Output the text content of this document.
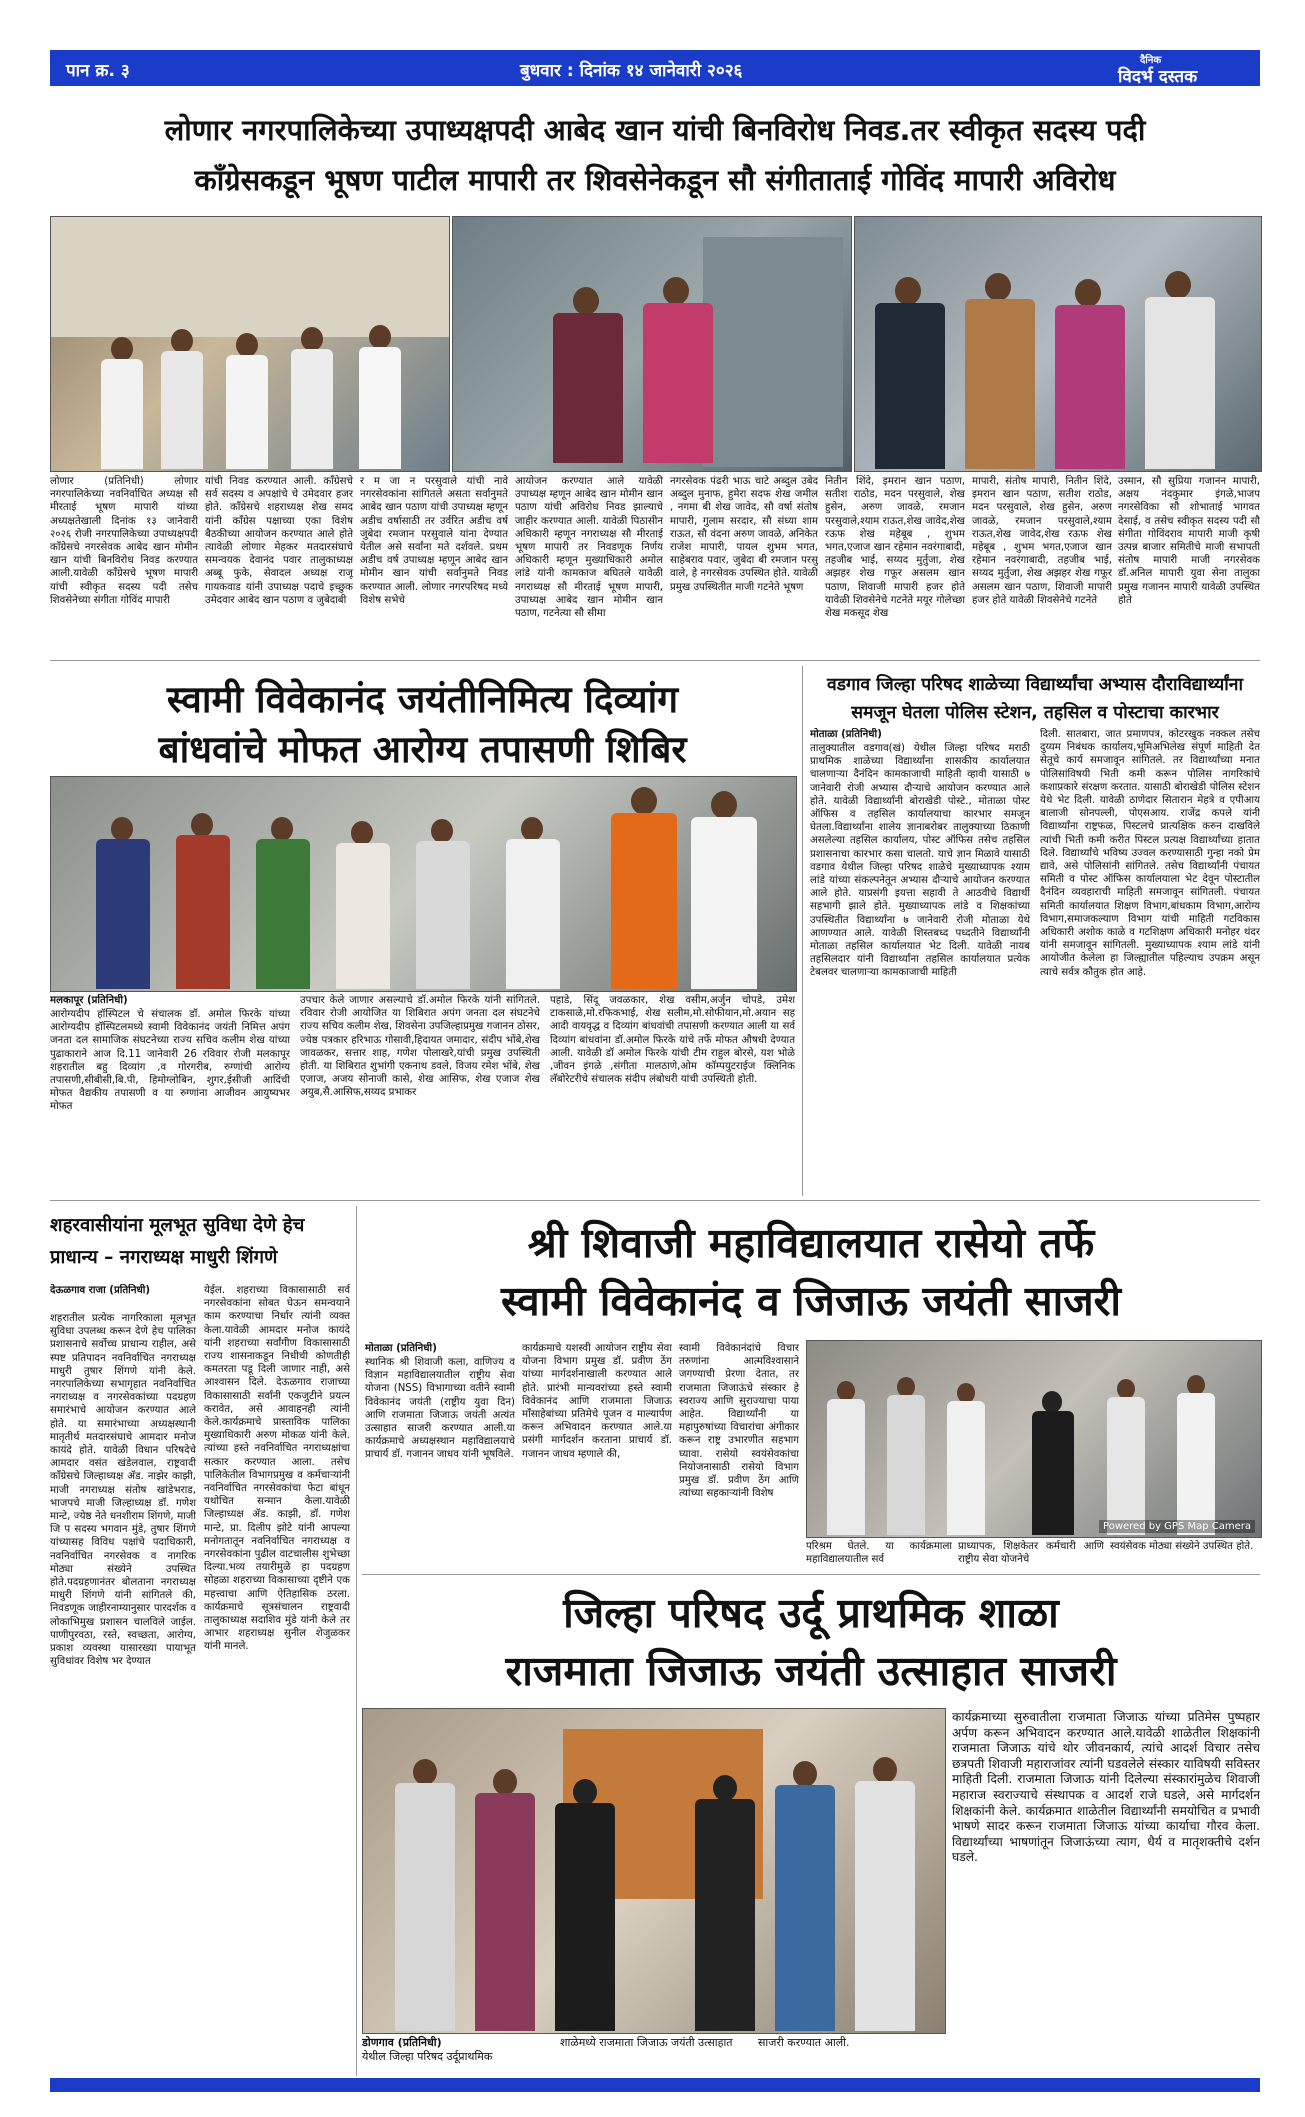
पान क्र. ३	बुधवार : दिनांक १४ जानेवारी २०२६
दैनिक
विदर्भ दस्तक
लोणार नगरपालिकेच्या उपाध्यक्षपदी आबेद खान यांची बिनविरोध निवड.तर स्वीकृत सदस्य पदी
काँग्रेसकडून भूषण पाटील मापारी तर शिवसेनेकडून सौ संगीताताई गोविंद मापारी अविरोध
लोणार (प्रतिनिधी) लोणार नगरपालिकेच्या नवनिर्वाचित अध्यक्ष सौ मीरताई भूषण मापारी यांच्या अध्यक्षतेखाली दिनांक १३ जानेवारी २०२६ रोजी नगरपालिकेच्या उपाध्यक्षपदी काँग्रेसचे नगरसेवक आबेद खान मोमीन खान यांची बिनविरोध निवड करण्यात आली.यावेळी काँग्रेसचे भूषण मापारी यांची स्वीकृत सदस्य पदी तसेच शिवसेनेच्या संगीता गोविंद मापारी
यांची निवड करण्यात आली. काँग्रेसचे सर्व सदस्य व अपक्षांचे चे उमेदवार हजर होते. काँग्रेसचे शहराध्यक्ष शेख समद यांनी काँग्रेस पक्षाच्या एका विशेष बैठकीच्या आयोजन करण्यात आले होते त्यावेळी लोणार मेहकर मतदारसंघाचे समन्वयक देवानंद पवार तालुकाध्यक्ष अब्बू फुके, सेवादल अध्यक्ष राजू गायकवाड यांनी उपाध्यक्ष पदाचे इच्छुक उमेदवार आबेद खान पठाण व जुबेदाबी
र म जा न परसुवाले यांची नावे नगरसेवकांना सांगितले असता सर्वानुमते आबेद खान पठाण यांची उपाध्यक्ष म्हणून अडीच वर्षासाठी तर उर्वरित अडीच वर्ष जुबेदा रमजान परसुवाले यांना देण्यात येतील असे सर्वांना मते दर्शवले. प्रथम अडीच वर्ष उपाध्यक्ष म्हणून आबेद खान मोमीन खान यांची सर्वानुमते निवड करण्यात आली. लोणार नगरपरिषद मध्ये विशेष सभेचे
आयोजन करण्यात आले यावेळी उपाध्यक्ष म्हणून आबेद खान मोमीन खान पठाण यांची अविरोध निवड झाल्याचे जाहीर करण्यात आली. यावेळी पिठासीन अधिकारी म्हणून नगराध्यक्ष सौ मीरताई भूषण मापारी तर निवडणूक निर्णय अधिकारी म्हणून मुख्याधिकारी अमोल लांडे यांनी कामकाज बघितले यावेळी नगराध्यक्ष सौ मीरताई भूषण मापारी, उपाध्यक्ष आबेद खान मोमीन खान पठाण, गटनेत्या सौ सीमा
नगरसेवक पंढरी भाऊ चाटे अब्दुल उबेद अब्दुल मुनाफ, हुमेरा सदफ शेख जमील , नगमा बी शेख जावेद, सौ वर्षा संतोष मापारी, गुलाम सरदार, सौ संध्या शाम राऊत, सौ वंदना अरुण जावळे, अनिकेत राजेश मापारी, पायल शुभम भगत, साहेबराव पवार, जुबेदा बी रमजान परसु वाले, हे नगरसेवक उपस्थित होते. यावेळी प्रमुख उपस्थितीत माजी गटनेते भूषण
नितीन शिंदे, इमरान खान पठाण, सतीश राठोड, मदन परसुवाले, शेख हुसेन, अरुण जावळे, रमजान परसुवाले,श्याम राऊत,शेख जावेद,शेख रऊफ शेख महेबूब , शुभम भगत,एजाज खान रहेमान नवरंगाबादी, तहजीब भाई, सय्यद मुर्तुजा, शेख अझहर शेख गफूर असलम खान पठाण, शिवाजी मापारी हजर होते यावेळी शिवसेनेचे गटनेते मयूर गोलेच्छा शेख मकसूद शेख
मापारी, संतोष मापारी, नितीन शिंदे, इमरान खान पठाण, सतीश राठोड, मदन परसुवाले, शेख हुसेन, अरुण जावळे, रमजान परसुवाले,श्याम राऊत,शेख जावेद,शेख रऊफ शेख महेबूब , शुभम भगत,एजाज खान रहेमान नवरंगाबादी, तहजीब भाई, सय्यद मुर्तुजा, शेख अझहर शेख गफूर असलम खान पठाण, शिवाजी मापारी हजर होते यावेळी शिवसेनेचे गटनेते
उस्मान, सौ सुप्रिया गजानन मापारी, अक्षय नंदकुमार इंगळे,भाजप नगरसेविका सौ शोभाताई भागवत देसाई, व तसेच स्वीकृत सदस्य पदी सौ संगीता गोविंदराव मापारी माजी कृषी उत्पन्न बाजार समितीचे माजी सभापती संतोष मापारी माजी नगरसेवक डॉ.अनिल मापारी युवा सेना तालुका प्रमुख गजानन मापारी यावेळी उपस्थित होते
स्वामी विवेकानंद जयंतीनिमित्य दिव्यांग
बांधवांचे मोफत आरोग्य तपासणी शिबिर
मलकापूर (प्रतिनिधी)
आरोग्यदीप हॉस्पिटल चे संचालक डॉ. अमोल फिरके यांच्या आरोग्यदीप हॉस्पिटलमध्ये स्वामी विवेकानंद जयंती निमित्त अपंग जनता दल सामाजिक संघटनेच्या राज्य सचिव कलीम शेख यांच्या पुढाकाराने आज दि.11 जानेवारी 26 रविवार रोजी मलकापूर शहरातील बहु दिव्यांग ,व गोरगरीब, रुग्णांची आरोग्य तपासणी,सीबीसी,बि.पी, हिमोग्लोबिन, शुगर,ईसीजी आदिंची मोफत वैद्यकीय तपासणी व या रुग्णांना आजीवन आयुष्यभर मोफत
उपचार केले जाणार असल्याचे डॉ.अमोल फिरके यांनी सांगितले. रविवार रोजी आयोजित या शिबिरात अपंग जनता दल संघटनेचे राज्य सचिव कलीम शेख, शिवसेना उपजिल्हाप्रमुख गजानन ठोसर, ज्येष्ठ पत्रकार हरिभाऊ गोसावी,हिदायत जमादार, संदीप भोंबे,शेख जावळकर, सत्तार शाह, गणेश पोलाखरे,यांची प्रमुख उपस्थिती होती. या शिबिरात शुभांगी एकनाथ डवले, विजय रमेश भोंबे, शेख एजाज, अजय सोनाजी कासे, शेख आसिफ, शेख एजाज शेख अयुब,सै.आसिफ,सय्यद प्रभाकर
पहाडे, सिंदू जवळकार, शेख वसीम,अर्जुन चोपडे, उमेश टाकसाळे,मो.रफिकभाई, शेख सलीम,मो.सोफीयान,मो.अयान सह आदी वायवृद्ध व दिव्यांग बांधवांची तपासणी करण्यात आली या सर्व दिव्यांग बांधवांना डॉ.अमोल फिरके यांचे तर्फे मोफत औषधी देण्यात आली. यावेळी डॉ अमोल फिरके यांची टीम राहुल बोरसे, यश भोळे ,जीवन इंगळे ,संगीता मालठाणे,ओम कॉम्पयुटराईज क्लिनिक लॅबोरेटरीचे संचालक संदीप लंबोधरी यांची उपस्थिती होती.
वडगाव जिल्हा परिषद शाळेच्या विद्यार्थ्यांचा अभ्यास दौराविद्यार्थ्यांना
समजून घेतला पोलिस स्टेशन, तहसिल व पोस्टाचा कारभार
मोताळा (प्रतिनिधी)
तालुक्यातील वडगाव(खं) येथील जिल्हा परिषद मराठी प्राथमिक शाळेच्या विद्यार्थ्यांना शासकीय कार्यालयात चालणाऱ्या दैनंदिन कामकाजाची माहिती व्हावी यासाठी ७ जानेवारी रोजी अभ्यास दौऱ्याचे आयोजन करण्यात आले होते. यावेळी विद्यार्थ्यांनी बोराखेडी पोस्टे., मोताळा पोस्ट ऑफिस व तहसिल कार्यालयाचा कारभार समजून घेतला.विद्यार्थ्यांना शालेय ज्ञानाबरोबर तालुक्याच्या ठिकाणी असलेल्या तहसिल कार्यालय, पोस्ट ऑफिस तसेच तहसिल प्रशासनाचा कारभार कसा चालतो. याचे ज्ञान मिळावे यासाठी वडगाव येथील जिल्हा परिषद शाळेचे मुख्याध्यापक श्याम लांडे यांच्या संकल्पनेतून अभ्यास दौऱ्याचे आयोजन करण्यात आले होते. याप्रसंगी इयत्ता सहावी ते आठवीचे विद्यार्थी सहभागी झाले होते. मुख्याध्यापक लांडे व शिक्षकांच्या उपस्थितीत विद्यार्थ्यांना ७ जानेवारी रोजी मोताळा येथे आणण्यात आले. यावेळी शिस्तबध्द पध्दतीने विद्यार्थ्यांनी मोताळा तहसिल कार्यालयात भेट दिली. यावेळी नायब तहसिलदार यांनी विद्यार्थ्यांना तहसिल कार्यालयात प्रत्येक टेबलवर चालणाऱ्या कामकाजाची माहिती
दिली. सातबारा, जात प्रमाणपत्र, कोटरखुक नक्कल तसेच दुय्यम निबंधक कार्यालय,भूमिअभिलेख संपूर्ण माहिती देत सेतूचे कार्य समजावून सांगितले. तर विद्यार्थ्यांच्या मनात पोलिसांविषयी भिती कमी करून पोलिस नागरिकांचे कशाप्रकारे संरक्षण करतात. यासाठी बोराखेडी पोलिस स्टेशन येथे भेट दिली. यावेळी ठाणेदार सितारान मेहत्रे व एपीआय बालाजी सोनपल्ली, पोएसआय. राजेंद्र कपले यांनी विद्यार्थ्यांना राष्ट्रफळ, पिस्टलचे प्रात्यक्षिक करुन दाखविले त्यांची भिती कमी करीत पिस्टल प्रत्यक्ष विद्यार्थ्यांच्या हातात दिले. विद्यार्थ्यांचे भविष्य उज्वल करण्यासाठी गुन्हा नको प्रेम द्यावे, असे पोलिसांनी सांगितले. तसेच विद्यार्थ्यांनी पंचायत समिती व पोस्ट ऑफिस कार्यालयाला भेट देवून पोस्टातील दैनंदिन व्यवहाराची माहिती समजावून सांगितली. पंचायत समिती कार्यालयात शिक्षण विभाग,बांधकाम विभाग,आरोग्य विभाग,समाजकल्याण विभाग यांची माहिती गटविकास अधिकारी अशोक काळे व गटशिक्षण अधिकारी मनोहर थंदर यांनी समजावून सांगितली. मुख्याध्यापक श्याम लांडे यांनी आयोजीत केलेला हा जिल्ह्यातील पहिल्याच उपक्रम असून त्याचे सर्वत्र कौतुक होत आहे.
शहरवासीयांना मूलभूत सुविधा देणे हेच
प्राधान्य – नगराध्यक्ष माधुरी शिंगणे
देऊळगाव राजा (प्रतिनिधी)
शहरातील प्रत्येक नागरिकाला मूलभूत सुविधा उपलब्ध करून देणे हेच पालिका प्रशासनाचे सर्वोच्च प्राधान्य राहील, असे स्पष्ट प्रतिपादन नवनिर्वाचित नगराध्यक्ष माधुरी तुषार शिंगणे यांनी केले. नगरपालिकेच्या सभागृहात नवनिर्वाचित नगराध्यक्ष व नगरसेवकांच्या पदग्रहण समारंभाचे आयोजन करण्यात आले होते. या समारंभाच्या अध्यक्षस्थानी मातृतीर्थ मतदारसंघाचे आमदार मनोज कायंदे होते. यावेळी विधान परिषदेचे आमदार वसंत खंडेलवाल, राष्ट्रवादी काँग्रेसचे जिल्हाध्यक्ष ॲड. नाझेर काझी, माजी नगराध्यक्ष संतोष खांडेभराड, भाजपचे माजी जिल्हाध्यक्ष डॉ. गणेश मान्टे, ज्येष्ठ नेते धनशीराम शिंगणे, माजी जि प सदस्य भगवान मुंडे, तुषार शिंगणे यांच्यासह विविध पक्षांचे पदाधिकारी, नवनिर्वाचित नगरसेवक व नागरिक मोठ्या संख्येने उपस्थित होते.पदग्रहणानंतर बोलताना नगराध्यक्ष माधुरी शिंगणे यांनी सांगितले की, निवडणूक जाहीरनाम्यानुसार पारदर्शक व लोकाभिमुख प्रशासन चालविले जाईल. पाणीपुरवठा, रस्ते, स्वच्छता, आरोग्य, प्रकाश व्यवस्था यासारख्या पायाभूत सुविधांवर विशेष भर देण्यात
येईल. शहराच्या विकासासाठी सर्व नगरसेवकांना सोबत घेऊन समन्वयाने काम करण्याचा निर्धार त्यांनी व्यक्त केला.यावेळी आमदार मनोज कायंदे यांनी शहराच्या सर्वांगीण विकासासाठी राज्य शासनाकडून निधीची कोणतीही कमतरता पडू दिली जाणार नाही, असे आश्वासन दिले. देऊळगाव राजाच्या विकासासाठी सर्वांनी एकजुटीने प्रयत्न करावेत, असे आवाहनही त्यांनी केले.कार्यक्रमाचे प्रास्ताविक पालिका मुख्याधिकारी अरुण मोकळ यांनी केले. त्यांच्या हस्ते नवनिर्वाचित नगराध्यक्षांचा सत्कार करण्यात आला. तसेच पालिकेतील विभागप्रमुख व कर्मचाऱ्यांनी नवनिर्वाचित नगरसेवकांचा फेटा बांधून यथोचित सन्मान केला.यावेळी जिल्हाध्यक्ष ॲड. काझी, डॉ. गणेश मान्टे, प्रा. दिलीप झोटे यांनी आपल्या मनोगतातून नवनिर्वाचित नगराध्यक्ष व नगरसेवकांना पुढील वाटचालीस शुभेच्छा दिल्या.भव्य तयारीमुळे हा पदग्रहण सोहळा शहराच्या विकासाच्या दृष्टीने एक महत्त्वाचा आणि ऐतिहासिक ठरला. कार्यक्रमाचे सूत्रसंचालन राष्ट्रवादी तालुकाध्यक्ष सदाशिव मुंडे यांनी केले तर आभार शहराध्यक्ष सुनील शेजुळकर यांनी मानले.
श्री शिवाजी महाविद्यालयात रासेयो तर्फे
स्वामी विवेकानंद व जिजाऊ जयंती साजरी
मोताळा (प्रतिनिधी)
स्थानिक श्री शिवाजी कला, वाणिज्य व विज्ञान महाविद्यालयातील राष्ट्रीय सेवा योजना (NSS) विभागाच्या वतीने स्वामी विवेकानंद जयंती (राष्ट्रीय युवा दिन) आणि राजमाता जिजाऊ जयंती अत्यंत उत्साहात साजरी करण्यात आली.या कार्यक्रमाचे अध्यक्षस्थान महाविद्यालयाचे प्राचार्य डॉ. गजानन जाधव यांनी भूषविले.
कार्यक्रमाचे यशस्वी आयोजन राष्ट्रीय सेवा योजना विभाग प्रमुख डॉ. प्रवीण ठेंग यांच्या मार्गदर्शनाखाली करण्यात आले होते. प्रारंभी मान्यवरांच्या हस्ते स्वामी विवेकानंद आणि राजमाता जिजाऊ माँसाहेबांच्या प्रतिमेचे पूजन व माल्यार्पण करून अभिवादन करण्यात आले.या प्रसंगी मार्गदर्शन करताना प्राचार्य डॉ. गजानन जाधव म्हणाले की,
स्वामी विवेकानंदांचे विचार तरुणांना आत्मविश्वासाने जगण्याची प्रेरणा देतात, तर राजमाता जिजाऊंचे संस्कार हे स्वराज्य आणि सुराज्याचा पाया आहेत. विद्यार्थ्यांनी या महापुरुषांच्या विचारांचा अंगीकार करून राष्ट्र उभारणीत सहभाग घ्यावा. रासेयो स्वयंसेवकांचा नियोजनासाठी रासेयो विभाग प्रमुख डॉ. प्रवीण ठेंग आणि त्यांच्या सहकाऱ्यांनी विशेष
Powered by GPS Map Camera
परिश्रम घेतले. या कार्यक्रमाला महाविद्यालयातील सर्व
प्राध्यापक, शिक्षकेतर कर्मचारी आणि राष्ट्रीय सेवा योजनेचे
स्वयंसेवक मोठ्या संख्येने उपस्थित होते.
जिल्हा परिषद उर्दू प्राथमिक शाळा
राजमाता जिजाऊ जयंती उत्साहात साजरी
कार्यक्रमाच्या सुरुवातीला राजमाता जिजाऊ यांच्या प्रतिमेस पुष्पहार अर्पण करून अभिवादन करण्यात आले.यावेळी शाळेतील शिक्षकांनी राजमाता जिजाऊ यांचे थोर जीवनकार्य, त्यांचे आदर्श विचार तसेच छत्रपती शिवाजी महाराजांवर त्यांनी घडवलेले संस्कार याविषयी सविस्तर माहिती दिली. राजमाता जिजाऊ यांनी दिलेल्या संस्कारांमुळेच शिवाजी महाराज स्वराज्याचे संस्थापक व आदर्श राजे घडले, असे मार्गदर्शन शिक्षकांनी केले. कार्यक्रमात शाळेतील विद्यार्थ्यांनी समयोचित व प्रभावी भाषणे सादर करून राजमाता जिजाऊ यांच्या कार्याचा गौरव केला. विद्यार्थ्यांच्या भाषणांतून जिजाऊंच्या त्याग, धैर्य व मातृशक्तीचे दर्शन घडले.
डोणगाव (प्रतिनिधी)
येथील जिल्हा परिषद उर्दूप्राथमिक
शाळेमध्ये राजमाता जिजाऊ जयंती उत्साहात	साजरी करण्यात आली.
